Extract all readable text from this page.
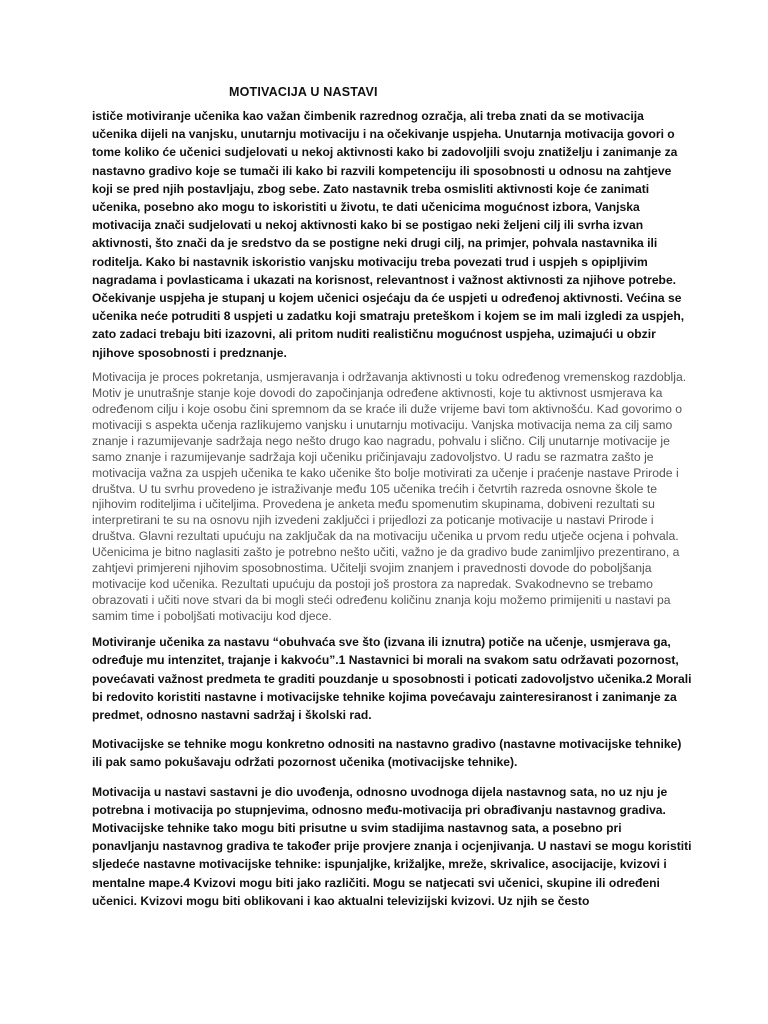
MOTIVACIJA U NASTAVI

ističe motiviranje učenika kao važan čimbenik razrednog ozračja, ali treba znati da se motivacija učenika dijeli na vanjsku, unutarnju motivaciju i na očekivanje uspjeha. Unutarnja motivacija govori o tome koliko će učenici sudjelovati u nekoj aktivnosti kako bi zadovoljili svoju znatiželju i zanimanje za nastavno gradivo koje se tumači ili kako bi razvili kompetenciju ili sposobnosti u odnosu na zahtjeve koji se pred njih postavljaju, zbog sebe. Zato nastavnik treba osmisliti aktivnosti koje će zanimati učenika, posebno ako mogu to iskoristiti u životu, te dati učenicima mogućnost izbora, Vanjska motivacija znači sudjelovati u nekoj aktivnosti kako bi se postigao neki željeni cilj ili svrha izvan aktivnosti, što znači da je sredstvo da se postigne neki drugi cilj, na primjer, pohvala nastavnika ili roditelja. Kako bi nastavnik iskoristio vanjsku motivaciju treba povezati trud i uspjeh s opipljivim nagradama i povlasticama i ukazati na korisnost, relevantnost i važnost aktivnosti za njihove potrebe. Očekivanje uspjeha je stupanj u kojem učenici osjećaju da će uspjeti u određenoj aktivnosti. Većina se učenika neće potruditi 8 uspjeti u zadatku koji smatraju preteškom i kojem se im mali izgledi za uspjeh, zato zadaci trebaju biti izazovni, ali pritom nuditi realističnu mogućnost uspjeha, uzimajući u obzir njihove sposobnosti i predznanje.

Motivacija je proces pokretanja, usmjeravanja i održavanja aktivnosti u toku određenog vremenskog razdoblja. Motiv je unutrašnje stanje koje dovodi do započinjanja određene aktivnosti, koje tu aktivnost usmjerava ka određenom cilju i koje osobu čini spremnom da se kraće ili duže vrijeme bavi tom aktivnošću. Kad govorimo o motivaciji s aspekta učenja razlikujemo vanjsku i unutarnju motivaciju. Vanjska motivacija nema za cilj samo znanje i razumijevanje sadržaja nego nešto drugo kao nagradu, pohvalu i slično. Cilj unutarnje motivacije je samo znanje i razumijevanje sadržaja koji učeniku pričinjavaju zadovoljstvo. U radu se razmatra zašto je motivacija važna za uspjeh učenika te kako učenike što bolje motivirati za učenje i praćenje nastave Prirode i društva. U tu svrhu provedeno je istraživanje među 105 učenika trećih i četvrtih razreda osnovne škole te njihovim roditeljima i učiteljima. Provedena je anketa među spomenutim skupinama, dobiveni rezultati su interpretirani te su na osnovu njih izvedeni zaključci i prijedlozi za poticanje motivacije u nastavi Prirode i društva. Glavni rezultati upućuju na zaključak da na motivaciju učenika u prvom redu utječe ocjena i pohvala. Učenicima je bitno naglasiti zašto je potrebno nešto učiti, važno je da gradivo bude zanimljivo prezentirano, a zahtjevi primjereni njihovim sposobnostima. Učitelji svojim znanjem i pravednosti dovode do poboljšanja motivacije kod učenika. Rezultati upućuju da postoji još prostora za napredak. Svakodnevno se trebamo obrazovati i učiti nove stvari da bi mogli steći određenu količinu znanja koju možemo primijeniti u nastavi pa samim time i poboljšati motivaciju kod djece.

Motiviranje učenika za nastavu “obuhvaća sve što (izvana ili iznutra) potiče na učenje, usmjerava ga, određuje mu intenzitet, trajanje i kakvoću”.1 Nastavnici bi morali na svakom satu održavati pozornost, povećavati važnost predmeta te graditi pouzdanje u sposobnosti i poticati zadovoljstvo učenika.2 Morali bi redovito koristiti nastavne i motivacijske tehnike kojima povećavaju zainteresiranost i zanimanje za predmet, odnosno nastavni sadržaj i školski rad.

Motivacijske se tehnike mogu konkretno odnositi na nastavno gradivo (nastavne motivacijske tehnike) ili pak samo pokušavaju održati pozornost učenika (motivacijske tehnike).

Motivacija u nastavi sastavni je dio uvođenja, odnosno uvodnoga dijela nastavnog sata, no uz nju je potrebna i motivacija po stupnjevima, odnosno među-motivacija pri obrađivanju nastavnog gradiva. Motivacijske tehnike tako mogu biti prisutne u svim stadijima nastavnog sata, a posebno pri ponavljanju nastavnog gradiva te također prije provjere znanja i ocjenjivanja. U nastavi se mogu koristiti sljedeće nastavne motivacijske tehnike: ispunjaljke, križaljke, mreže, skrivalice, asocijacije, kvizovi i mentalne mape.4 Kvizovi mogu biti jako različiti. Mogu se natjecati svi učenici, skupine ili određeni učenici. Kvizovi mogu biti oblikovani i kao aktualni televizijski kvizovi. Uz njih se često
